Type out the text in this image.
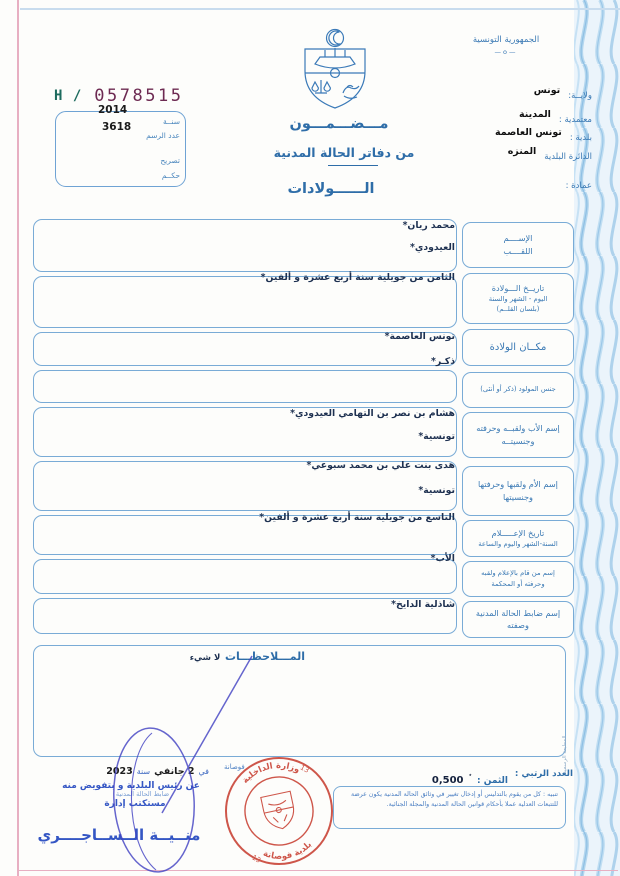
H / 0578515
2014
3618	سنــة
عدد الرسم
تصريح
حكــم
الجمهورية التونسية
—o—
ولايــة:
تونس
معتمدية :
المدينة
بلدية :
تونس العاصمة
الدائرة البلدية
المنزه
عمادة :
مـــضـــمـــون
من دفاتر الحالة المدنية
الــــــولادات
الإســــم
اللقــــب
تاريــخ الـــولادة
اليوم - الشهر والسنة
(بلسان القلــم)
مكــان الولادة
جنس المولود (ذكر أو أنثى)
إسم الأب ولقبــه وحرفته
وجنسيتــه
إسم الأم ولقبها وحرفتها
وجنسيتها
تاريخ الإعـــــلام
السنة-الشهر واليوم والساعة
إسم من قام بالإعلام ولقبه
وحرفته أو المحكمة
إسم ضابط الحالة المدنية
وصفته
محمد ريان*
العيدودي*
الثامن من جويلية سنة أربع عشرة و ألفين*
تونس العاصمة*
ذكـر*
هشام بن نصر بن التهامي العيدودي*
تونسية*
هدى بنت علي بن محمد سبوعي*
تونسية*
التاسع من جويلية سنة أربع عشرة و ألفين*
الأب*
شاذلية الدايخ*
المـــلاحظـــات
لا شيء
العدد الرتبي :
الثمن : ٭ 0,500
تنبيه : كل من يقوم بالتدليس أو إدخال تغيير في وثائق الحالة المدنية يكون عرضة
للتتبعات العدلية عملا بأحكام قوانين الحالة المدنية والمجلة الجنائية.
المطبعة الرسمية
في
2 جانفي
سنة
2023
ضابط الحالة المدنية
عن رئيس البلدية و بتفويض منه
مستكتب إدارة
منــيــة الــســاجــــري
فوصانة
وزارة الداخلية
بلدية فوصانة
13
13
